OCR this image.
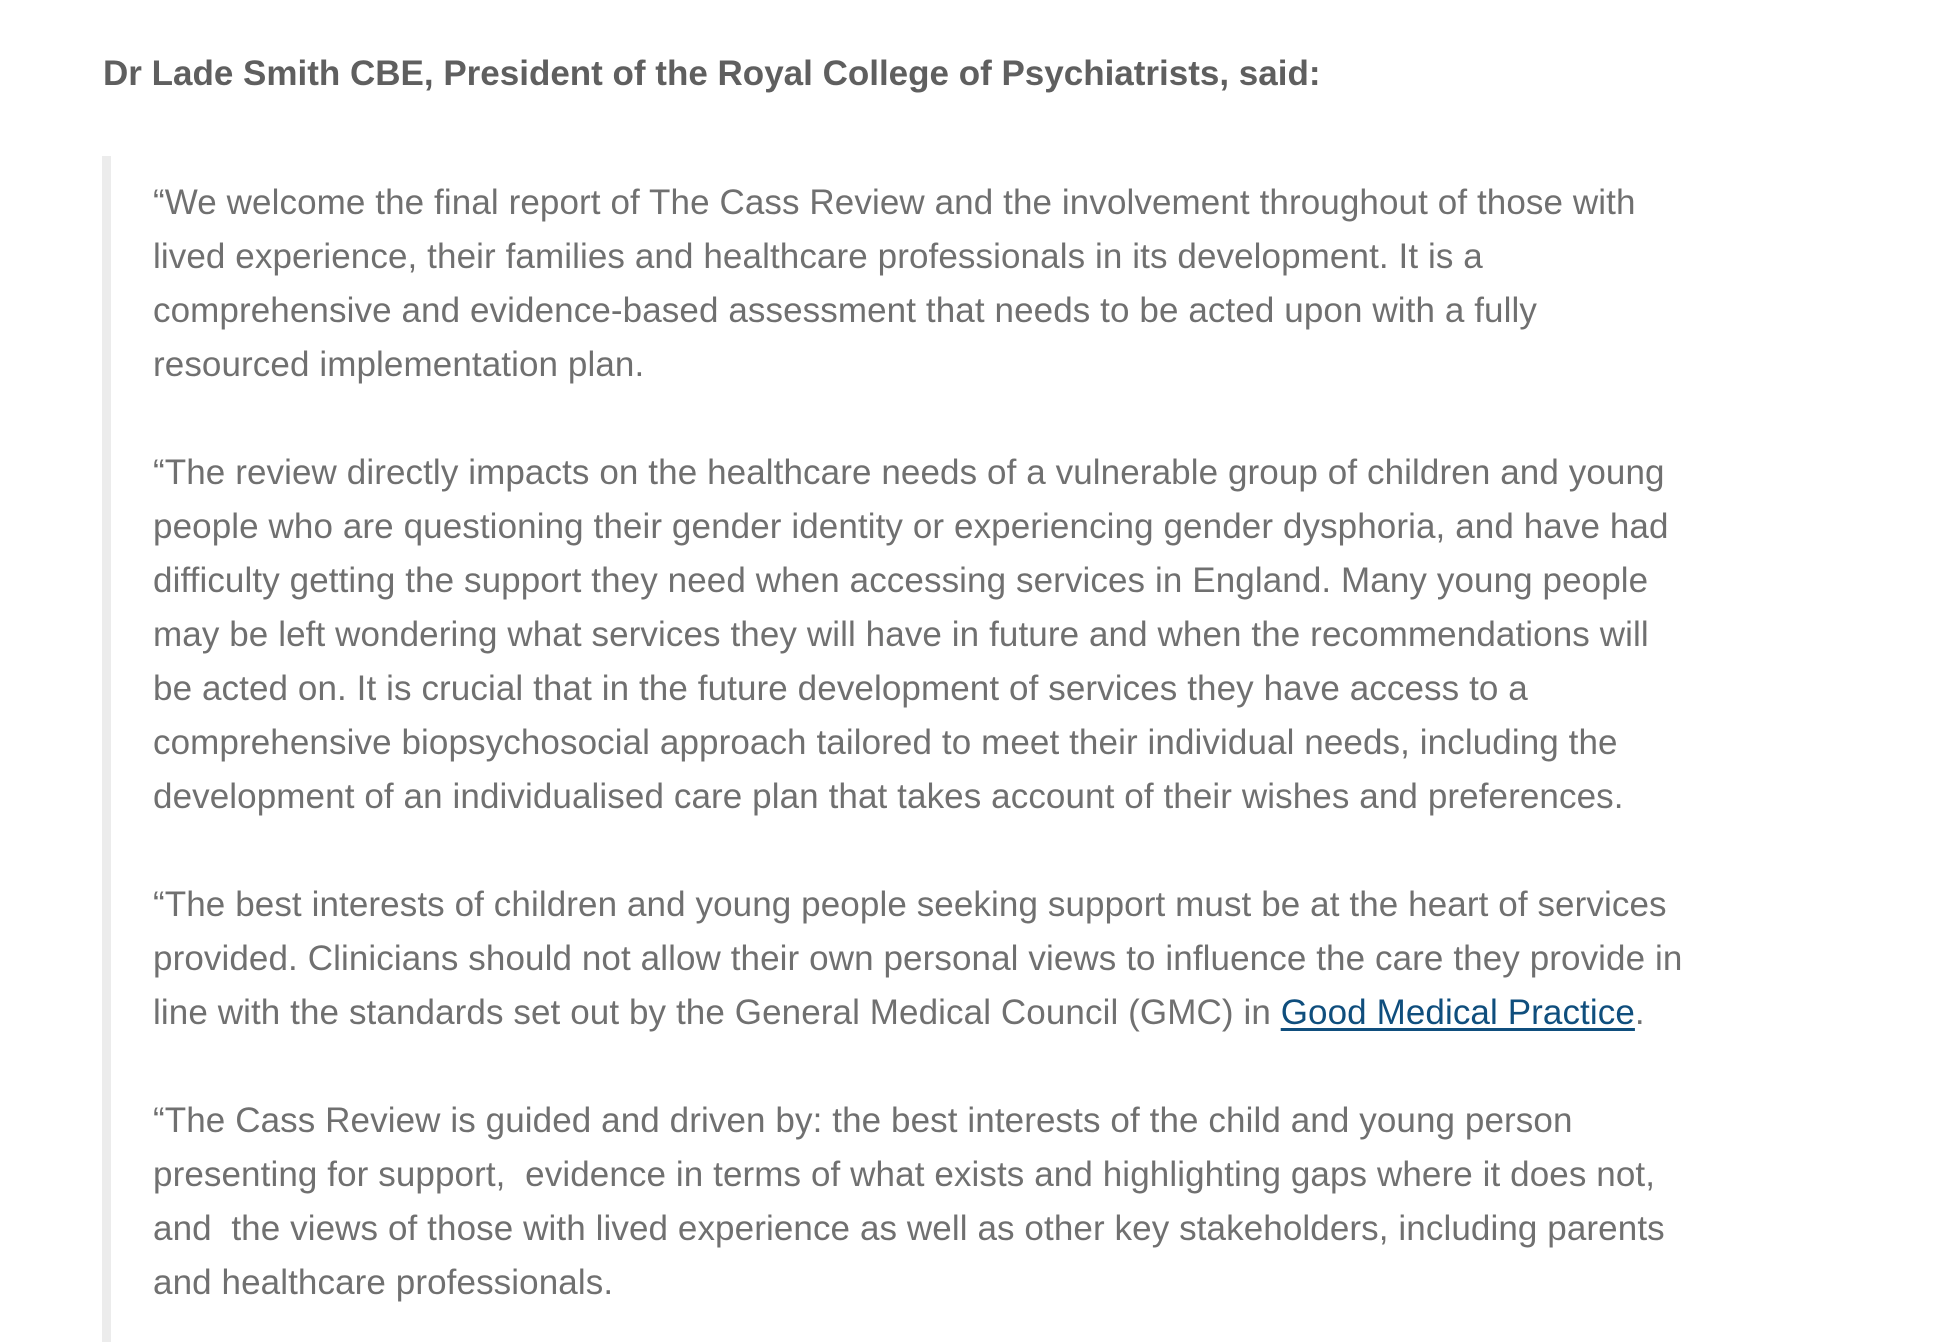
Dr Lade Smith CBE, President of the Royal College of Psychiatrists, said:

“We welcome the final report of The Cass Review and the involvement throughout of those with
lived experience, their families and healthcare professionals in its development. It is a
comprehensive and evidence-based assessment that needs to be acted upon with a fully
resourced implementation plan.

“The review directly impacts on the healthcare needs of a vulnerable group of children and young
people who are questioning their gender identity or experiencing gender dysphoria, and have had
difficulty getting the support they need when accessing services in England. Many young people
may be left wondering what services they will have in future and when the recommendations will
be acted on. It is crucial that in the future development of services they have access to a
comprehensive biopsychosocial approach tailored to meet their individual needs, including the
development of an individualised care plan that takes account of their wishes and preferences.

“The best interests of children and young people seeking support must be at the heart of services
provided. Clinicians should not allow their own personal views to influence the care they provide in
line with the standards set out by the General Medical Council (GMC) in Good Medical Practice.

“The Cass Review is guided and driven by: the best interests of the child and young person
presenting for support,  evidence in terms of what exists and highlighting gaps where it does not,
and  the views of those with lived experience as well as other key stakeholders, including parents
and healthcare professionals.
